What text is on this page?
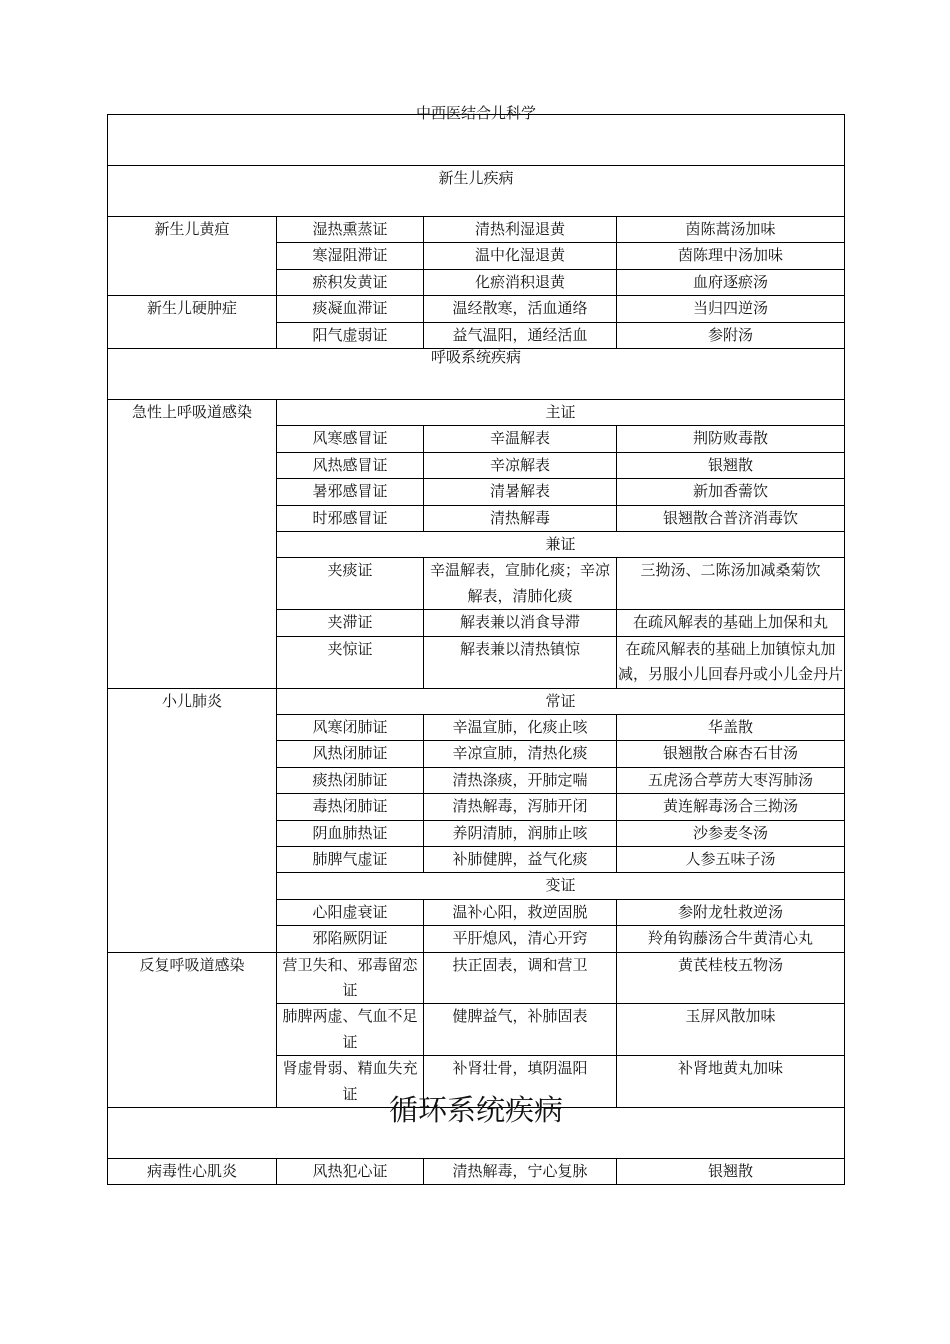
中西医结合儿科学			
新生儿疾病			
新生儿黄疸	湿热熏蒸证	清热利湿退黄	茵陈蒿汤加味
	寒湿阻滞证	温中化湿退黄	茵陈理中汤加味
	瘀积发黄证	化瘀消积退黄	血府逐瘀汤
新生儿硬肿症	痰凝血滞证	温经散寒，活血通络	当归四逆汤
	阳气虚弱证	益气温阳，通经活血	参附汤
呼吸系统疾病			
急性上呼吸道感染	主证		
	风寒感冒证	辛温解表	荆防败毒散
	风热感冒证	辛凉解表	银翘散
	暑邪感冒证	清暑解表	新加香薷饮
	时邪感冒证	清热解毒	银翘散合普济消毒饮
	兼证		
	夹痰证	辛温解表，宣肺化痰；辛凉解表，清肺化痰	三拗汤、二陈汤加减桑菊饮
	夹滞证	解表兼以消食导滞	在疏风解表的基础上加保和丸
	夹惊证	解表兼以清热镇惊	在疏风解表的基础上加镇惊丸加减，另服小儿回春丹或小儿金丹片
小儿肺炎	常证		
	风寒闭肺证	辛温宣肺，化痰止咳	华盖散
	风热闭肺证	辛凉宣肺，清热化痰	银翘散合麻杏石甘汤
	痰热闭肺证	清热涤痰，开肺定喘	五虎汤合葶苈大枣泻肺汤
	毒热闭肺证	清热解毒，泻肺开闭	黄连解毒汤合三拗汤
	阴血肺热证	养阴清肺，润肺止咳	沙参麦冬汤
	肺脾气虚证	补肺健脾，益气化痰	人参五味子汤
	变证		
	心阳虚衰证	温补心阳，救逆固脱	参附龙牡救逆汤
	邪陷厥阴证	平肝熄风，清心开窍	羚角钩藤汤合牛黄清心丸
反复呼吸道感染	营卫失和、邪毒留恋证	扶正固表，调和营卫	黄芪桂枝五物汤
	肺脾两虚、气血不足证	健脾益气，补肺固表	玉屏风散加味
	肾虚骨弱、精血失充证	补肾壮骨，填阴温阳	补肾地黄丸加味
循环系统疾病			
病毒性心肌炎	风热犯心证	清热解毒，宁心复脉	银翘散
